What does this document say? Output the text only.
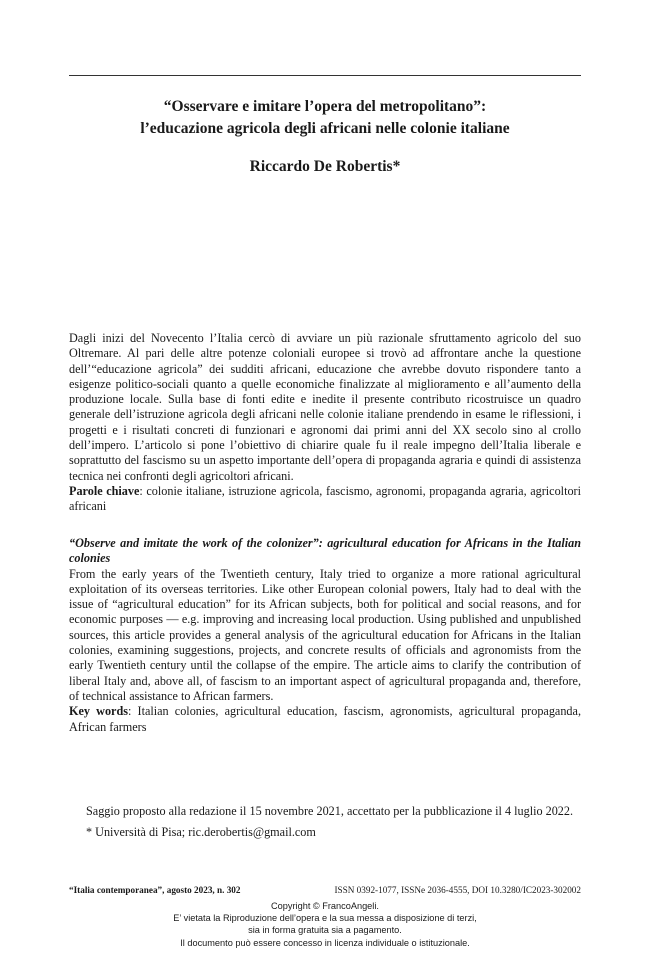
“Osservare e imitare l’opera del metropolitano”:
l’educazione agricola degli africani nelle colonie italiane
Riccardo De Robertis*

Dagli inizi del Novecento l’Italia cercò di avviare un più razionale sfruttamento agricolo del suo Oltremare. Al pari delle altre potenze coloniali europee si trovò ad affrontare anche la questione dell’“educazione agricola” dei sudditi africani, educazione che avrebbe dovuto rispondere tanto a esigenze politico-sociali quanto a quelle economiche finalizzate al miglioramento e all’aumento della produzione locale. Sulla base di fonti edite e inedite il presente contributo ricostruisce un quadro generale dell’istruzione agricola degli africani nelle colonie italiane prendendo in esame le riflessioni, i progetti e i risultati concreti di funzionari e agronomi dai primi anni del XX secolo sino al crollo dell’impero. L’articolo si pone l’obiettivo di chiarire quale fu il reale impegno dell’Italia liberale e soprattutto del fascismo su un aspetto importante dell’opera di propaganda agraria e quindi di assistenza tecnica nei confronti degli agricoltori africani.

Parole chiave: colonie italiane, istruzione agricola, fascismo, agronomi, propaganda agraria, agricoltori africani

“Observe and imitate the work of the colonizer”: agricultural education for Africans in the Italian colonies

From the early years of the Twentieth century, Italy tried to organize a more rational agricultural exploitation of its overseas territories. Like other European colonial powers, Italy had to deal with the issue of “agricultural education” for its African subjects, both for political and social reasons, and for economic purposes — e.g. improving and increasing local production. Using published and unpublished sources, this article provides a general analysis of the agricultural education for Africans in the Italian colonies, examining suggestions, projects, and concrete results of officials and agronomists from the early Twentieth century until the collapse of the empire. The article aims to clarify the contribution of liberal Italy and, above all, of fascism to an important aspect of agricultural propaganda and, therefore, of technical assistance to African farmers.

Key words: Italian colonies, agricultural education, fascism, agronomists, agricultural propaganda, African farmers

Saggio proposto alla redazione il 15 novembre 2021, accettato per la pubblicazione il 4 luglio 2022.

* Università di Pisa; ric.derobertis@gmail.com

“Italia contemporanea”, agosto 2023, n. 302	ISSN 0392-1077, ISSNe 2036-4555, DOI 10.3280/IC2023-302002
Copyright © FrancoAngeli.
E’ vietata la Riproduzione dell’opera e la sua messa a disposizione di terzi,
sia in forma gratuita sia a pagamento.
Il documento può essere concesso in licenza individuale o istituzionale.
